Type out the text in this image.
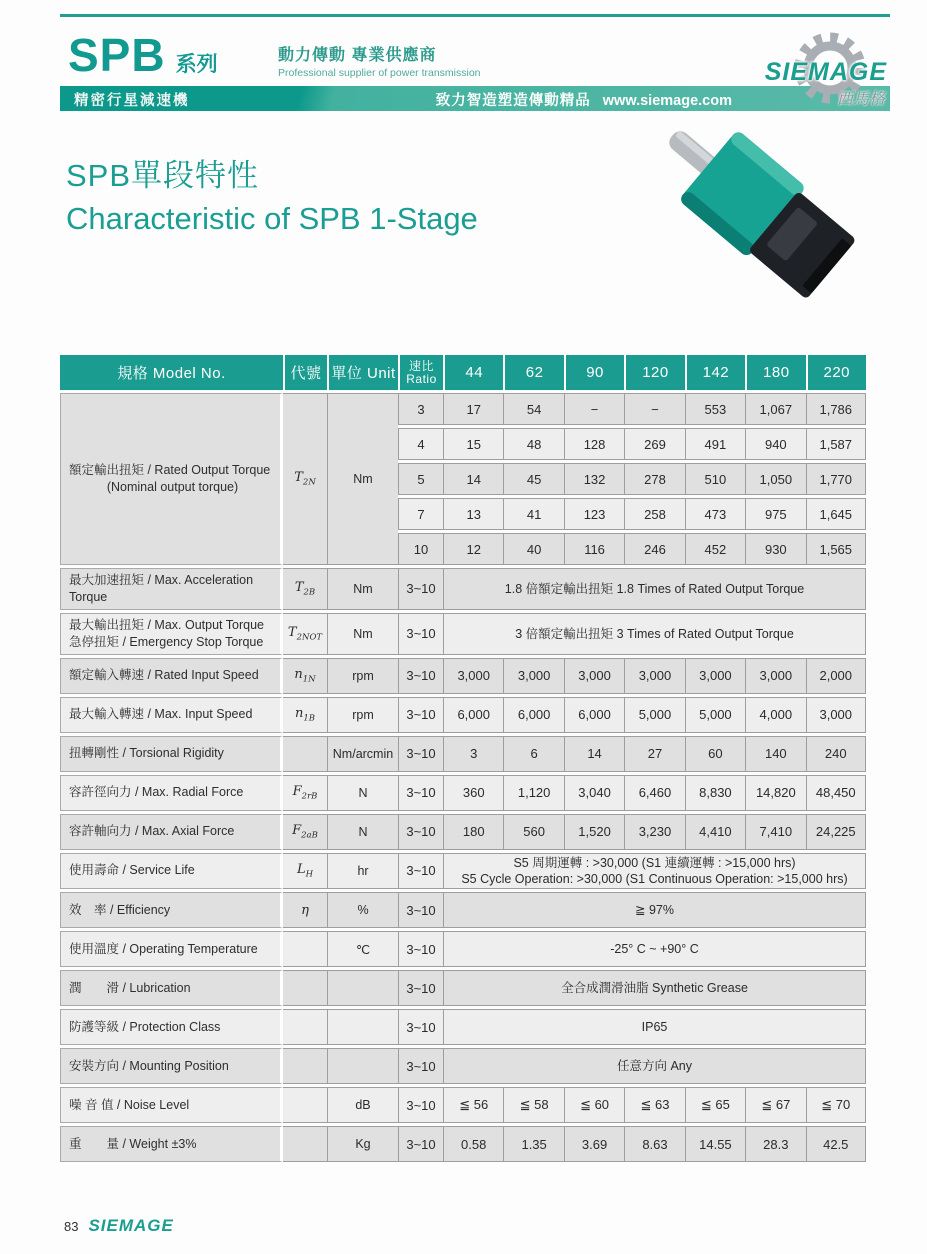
SPB 系列	動力傳動 專業供應商
Professional supplier of power transmission
精密行星減速機	致力智造塑造傳動精品 www.siemage.com
SIEMAGE
西馬格
SPB單段特性
Characteristic of SPB 1-Stage
規格 Model No.	代號	單位 Unit	速比
Ratio	44	62	90	120	142	180	220

額定輸出扭矩 / Rated Output Torque
(Nominal output torque)	$T_{2N}$	Nm	3	17	54	−	−	553	1,067	1,786
			4	15	48	128	269	491	940	1,587
			5	14	45	132	278	510	1,050	1,770
			7	13	41	123	258	473	975	1,645
			10	12	40	116	246	452	930	1,565

最大加速扭矩 / Max. Acceleration Torque	$T_{2B}$	Nm	3~10	1.8 倍額定輸出扭矩 1.8 Times of Rated Output Torque						

最大輸出扭矩 / Max. Output Torque
急停扭矩 / Emergency Stop Torque	$T_{2NOT}$	Nm	3~10	3 倍額定輸出扭矩 3 Times of Rated Output Torque						

額定輸入轉速 / Rated Input Speed	$n_{1N}$	rpm	3~10	3,000	3,000	3,000	3,000	3,000	3,000	2,000

最大輸入轉速 / Max. Input Speed	$n_{1B}$	rpm	3~10	6,000	6,000	6,000	5,000	5,000	4,000	3,000

扭轉剛性 / Torsional Rigidity		Nm/arcmin	3~10	3	6	14	27	60	140	240

容許徑向力 / Max. Radial Force	$F_{2rB}$	N	3~10	360	1,120	3,040	6,460	8,830	14,820	48,450

容許軸向力 / Max. Axial Force	$F_{2aB}$	N	3~10	180	560	1,520	3,230	4,410	7,410	24,225

使用壽命 / Service Life	$L_H$	hr	3~10	S5 周期運轉 : >30,000 (S1 連續運轉 : >15,000 hrs)
S5 Cycle Operation: >30,000 (S1 Continuous Operation: >15,000 hrs)						

效　率 / Efficiency	η	%	3~10	≧ 97%						

使用溫度 / Operating Temperature		℃	3~10	-25° C ~ +90° C						

潤　　滑 / Lubrication			3~10	全合成潤滑油脂 Synthetic Grease						

防護等級 / Protection Class			3~10	IP65						

安裝方向 / Mounting Position			3~10	任意方向 Any						

噪 音 值 / Noise Level		dB	3~10	≦ 56	≦ 58	≦ 60	≦ 63	≦ 65	≦ 67	≦ 70

重　　量 / Weight ±3%		Kg	3~10	0.58	1.35	3.69	8.63	14.55	28.3	42.5
83 SIEMAGE
